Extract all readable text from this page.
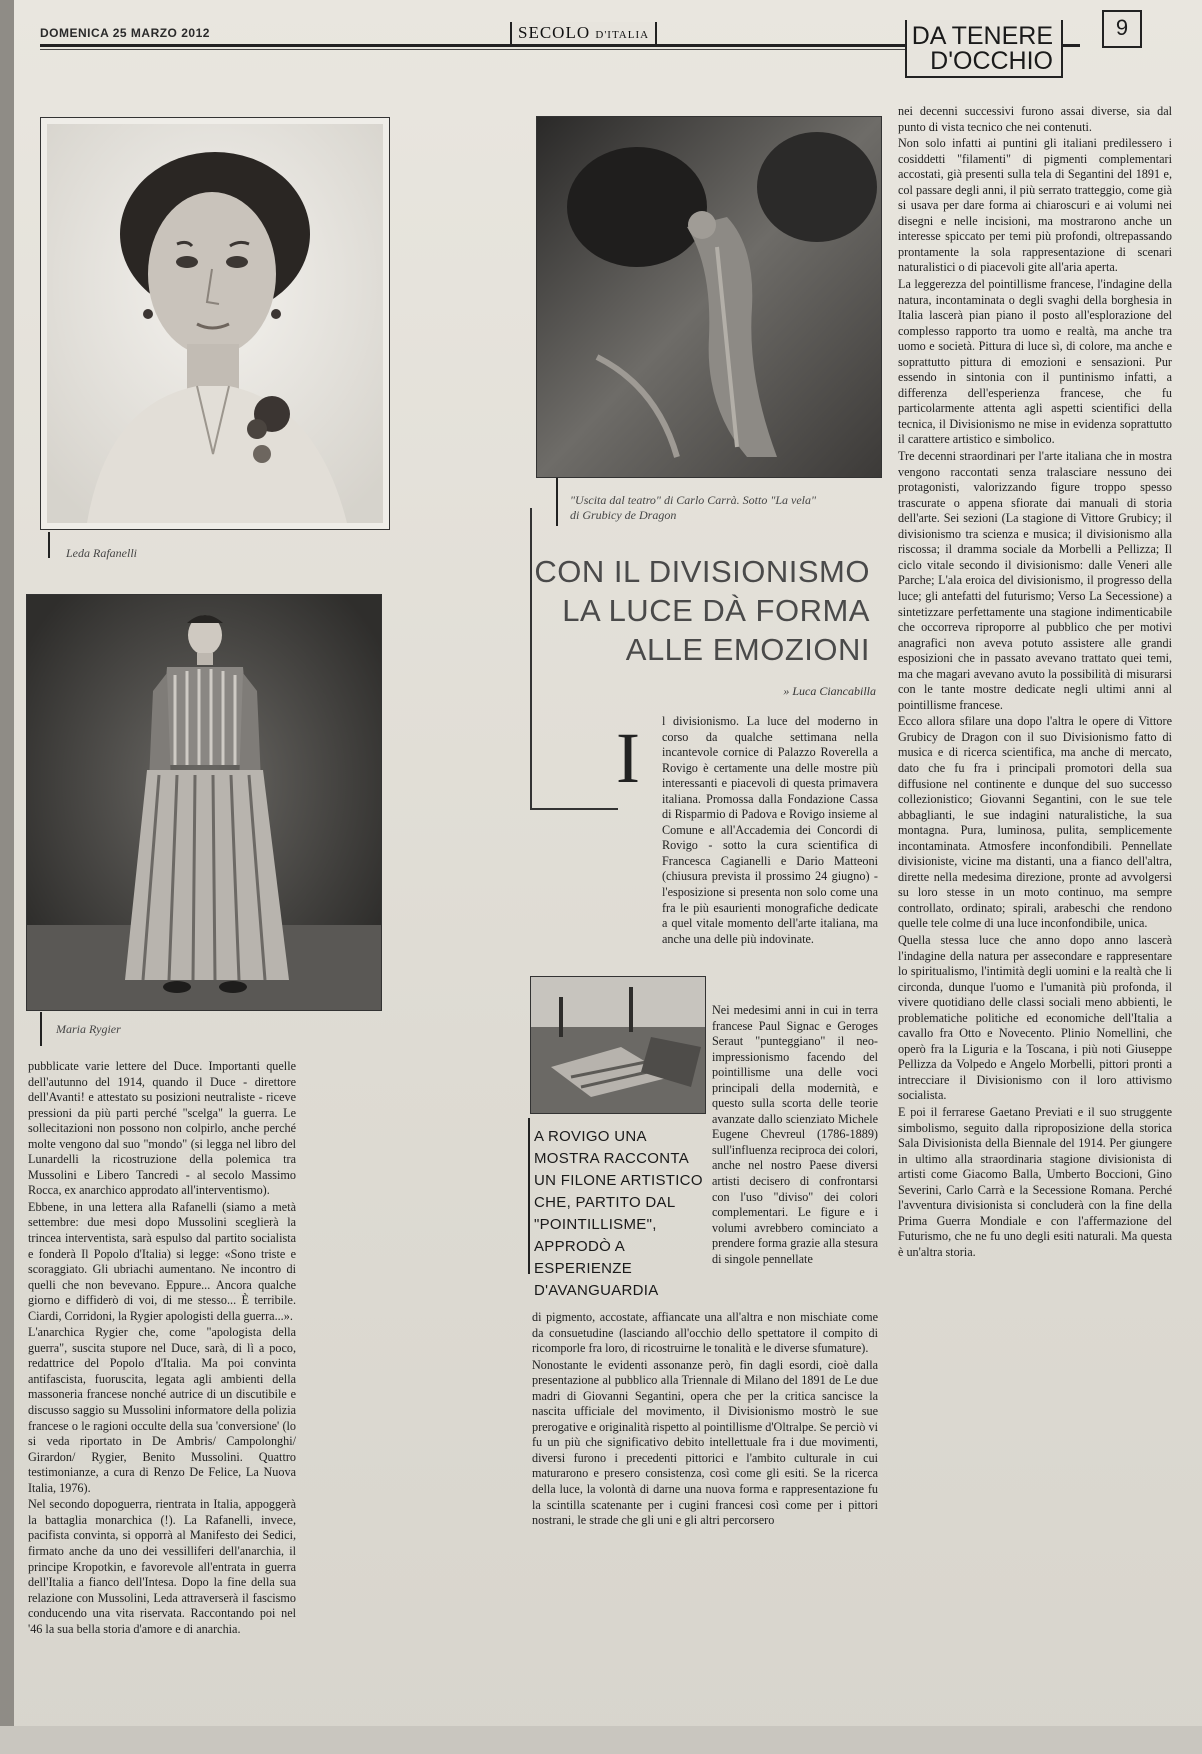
DOMENICA 25 MARZO 2012	SECOLO D'ITALIA	DA TENERE
D'OCCHIO
9
Leda Rafanelli
Maria Rygier

pubblicate varie lettere del Duce. Importanti quelle dell'autunno del 1914, quando il Duce - direttore dell'Avanti! e attestato su posizioni neutraliste - riceve pressioni da più parti perché "scelga" la guerra. Le sollecitazioni non possono non colpirlo, anche perché molte vengono dal suo "mondo" (si legga nel libro del Lunardelli la ricostruzione della polemica tra Mussolini e Libero Tancredi - al secolo Massimo Rocca, ex anarchico approdato all'interventismo).

Ebbene, in una lettera alla Rafanelli (siamo a metà settembre: due mesi dopo Mussolini sceglierà la trincea interventista, sarà espulso dal partito socialista e fonderà Il Popolo d'Italia) si legge: «Sono triste e scoraggiato. Gli ubriachi aumentano. Ne incontro di quelli che non bevevano. Eppure... Ancora qualche giorno e diffiderò di voi, di me stesso... È terribile. Ciardi, Corridoni, la Rygier apologisti della guerra...».

L'anarchica Rygier che, come "apologista della guerra", suscita stupore nel Duce, sarà, di lì a poco, redattrice del Popolo d'Italia. Ma poi convinta antifascista, fuoruscita, legata agli ambienti della massoneria francese nonché autrice di un discutibile e discusso saggio su Mussolini informatore della polizia francese o le ragioni occulte della sua 'conversione' (lo si veda riportato in De Ambris/ Campolonghi/ Girardon/ Rygier, Benito Mussolini. Quattro testimonianze, a cura di Renzo De Felice, La Nuova Italia, 1976).

Nel secondo dopoguerra, rientrata in Italia, appoggerà la battaglia monarchica (!). La Rafanelli, invece, pacifista convinta, si opporrà al Manifesto dei Sedici, firmato anche da uno dei vessilliferi dell'anarchia, il principe Kropotkin, e favorevole all'entrata in guerra dell'Italia a fianco dell'Intesa. Dopo la fine della sua relazione con Mussolini, Leda attraverserà il fascismo conducendo una vita riservata. Raccontando poi nel '46 la sua bella storia d'amore e di anarchia.

"Uscita dal teatro" di Carlo Carrà. Sotto "La vela"
di Grubicy de Dragon
CON IL DIVISIONISMO
LA LUCE DÀ FORMA
ALLE EMOZIONI
» Luca Ciancabilla
I l divisionismo. La luce del moderno in corso da qualche settimana nella incantevole cornice di Palazzo Roverella a Rovigo è certamente una delle mostre più interessanti e piacevoli di questa primavera italiana. Promossa dalla Fondazione Cassa di Risparmio di Padova e Rovigo insieme al Comune e all'Accademia dei Concordi di Rovigo - sotto la cura scientifica di Francesca Cagianelli e Dario Matteoni (chiusura prevista il prossimo 24 giugno) - l'esposizione si presenta non solo come una fra le più esaurienti monografiche dedicate a quel vitale momento dell'arte italiana, ma anche una delle più indovinate.

A ROVIGO UNA MOSTRA RACCONTA UN FILONE ARTISTICO CHE, PARTITO DAL "POINTILLISME", APPRODÒ A ESPERIENZE D'AVANGUARDIA

Nei medesimi anni in cui in terra francese Paul Signac e Geroges Seraut "punteggiano" il neo-impressionismo facendo del pointillisme una delle voci principali della modernità, e questo sulla scorta delle teorie avanzate dallo scienziato Michele Eugene Chevreul (1786-1889) sull'influenza reciproca dei colori, anche nel nostro Paese diversi artisti decisero di confrontarsi con l'uso "diviso" dei colori complementari. Le figure e i volumi avrebbero cominciato a prendere forma grazie alla stesura di singole pennellate

di pigmento, accostate, affiancate una all'altra e non mischiate come da consuetudine (lasciando all'occhio dello spettatore il compito di ricomporle fra loro, di ricostruirne le tonalità e le diverse sfumature).

Nonostante le evidenti assonanze però, fin dagli esordi, cioè dalla presentazione al pubblico alla Triennale di Milano del 1891 de Le due madri di Giovanni Segantini, opera che per la critica sancisce la nascita ufficiale del movimento, il Divisionismo mostrò le sue prerogative e originalità rispetto al pointillisme d'Oltralpe. Se perciò vi fu un più che significativo debito intellettuale fra i due movimenti, diversi furono i precedenti pittorici e l'ambito culturale in cui maturarono e presero consistenza, così come gli esiti. Se la ricerca della luce, la volontà di darne una nuova forma e rappresentazione fu la scintilla scatenante per i cugini francesi così come per i pittori nostrani, le strade che gli uni e gli altri percorsero

nei decenni successivi furono assai diverse, sia dal punto di vista tecnico che nei contenuti.

Non solo infatti ai puntini gli italiani predilessero i cosiddetti "filamenti" di pigmenti complementari accostati, già presenti sulla tela di Segantini del 1891 e, col passare degli anni, il più serrato tratteggio, come già si usava per dare forma ai chiaroscuri e ai volumi nei disegni e nelle incisioni, ma mostrarono anche un interesse spiccato per temi più profondi, oltrepassando prontamente la sola rappresentazione di scenari naturalistici o di piacevoli gite all'aria aperta.

La leggerezza del pointillisme francese, l'indagine della natura, incontaminata o degli svaghi della borghesia in Italia lascerà pian piano il posto all'esplorazione del complesso rapporto tra uomo e realtà, ma anche tra uomo e società. Pittura di luce sì, di colore, ma anche e soprattutto pittura di emozioni e sensazioni. Pur essendo in sintonia con il puntinismo infatti, a differenza dell'esperienza francese, che fu particolarmente attenta agli aspetti scientifici della tecnica, il Divisionismo ne mise in evidenza soprattutto il carattere artistico e simbolico.

Tre decenni straordinari per l'arte italiana che in mostra vengono raccontati senza tralasciare nessuno dei protagonisti, valorizzando figure troppo spesso trascurate o appena sfiorate dai manuali di storia dell'arte. Sei sezioni (La stagione di Vittore Grubicy; il divisionismo tra scienza e musica; il divisionismo alla riscossa; il dramma sociale da Morbelli a Pellizza; Il ciclo vitale secondo il divisionismo: dalle Veneri alle Parche; L'ala eroica del divisionismo, il progresso della luce; gli antefatti del futurismo; Verso La Secessione) a sintetizzare perfettamente una stagione indimenticabile che occorreva riproporre al pubblico che per motivi anagrafici non aveva potuto assistere alle grandi esposizioni che in passato avevano trattato quei temi, ma che magari avevano avuto la possibilità di misurarsi con le tante mostre dedicate negli ultimi anni al pointillisme francese.

Ecco allora sfilare una dopo l'altra le opere di Vittore Grubicy de Dragon con il suo Divisionismo fatto di musica e di ricerca scientifica, ma anche di mercato, dato che fu fra i principali promotori della sua diffusione nel continente e dunque del suo successo collezionistico; Giovanni Segantini, con le sue tele abbaglianti, le sue indagini naturalistiche, la sua montagna. Pura, luminosa, pulita, semplicemente incontaminata. Atmosfere inconfondibili. Pennellate divisioniste, vicine ma distanti, una a fianco dell'altra, dirette nella medesima direzione, pronte ad avvolgersi su loro stesse in un moto continuo, ma sempre controllato, ordinato; spirali, arabeschi che rendono quelle tele colme di una luce inconfondibile, unica.

Quella stessa luce che anno dopo anno lascerà l'indagine della natura per assecondare e rappresentare lo spiritualismo, l'intimità degli uomini e la realtà che li circonda, dunque l'uomo e l'umanità più profonda, il vivere quotidiano delle classi sociali meno abbienti, le problematiche politiche ed economiche dell'Italia a cavallo fra Otto e Novecento. Plinio Nomellini, che operò fra la Liguria e la Toscana, i più noti Giuseppe Pellizza da Volpedo e Angelo Morbelli, pittori pronti a intrecciare il Divisionismo con il loro attivismo socialista.

E poi il ferrarese Gaetano Previati e il suo struggente simbolismo, seguito dalla riproposizione della storica Sala Divisionista della Biennale del 1914. Per giungere in ultimo alla straordinaria stagione divisionista di artisti come Giacomo Balla, Umberto Boccioni, Gino Severini, Carlo Carrà e la Secessione Romana. Perché l'avventura divisionista si concluderà con la fine della Prima Guerra Mondiale e con l'affermazione del Futurismo, che ne fu uno degli esiti naturali. Ma questa è un'altra storia.
